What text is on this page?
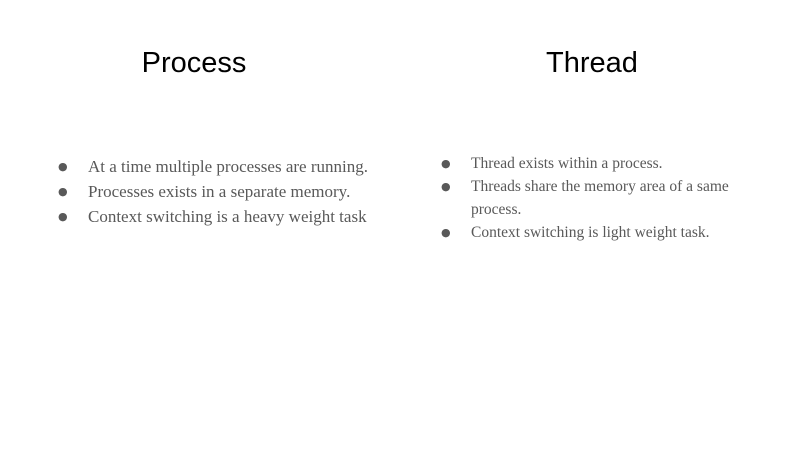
Process	Thread
● At a time multiple processes are running.
● Processes exists in a separate memory.
● Context switching is a heavy weight task
● Thread exists within a process.
● Threads share the memory area of a same process.
● Context switching is light weight task.
